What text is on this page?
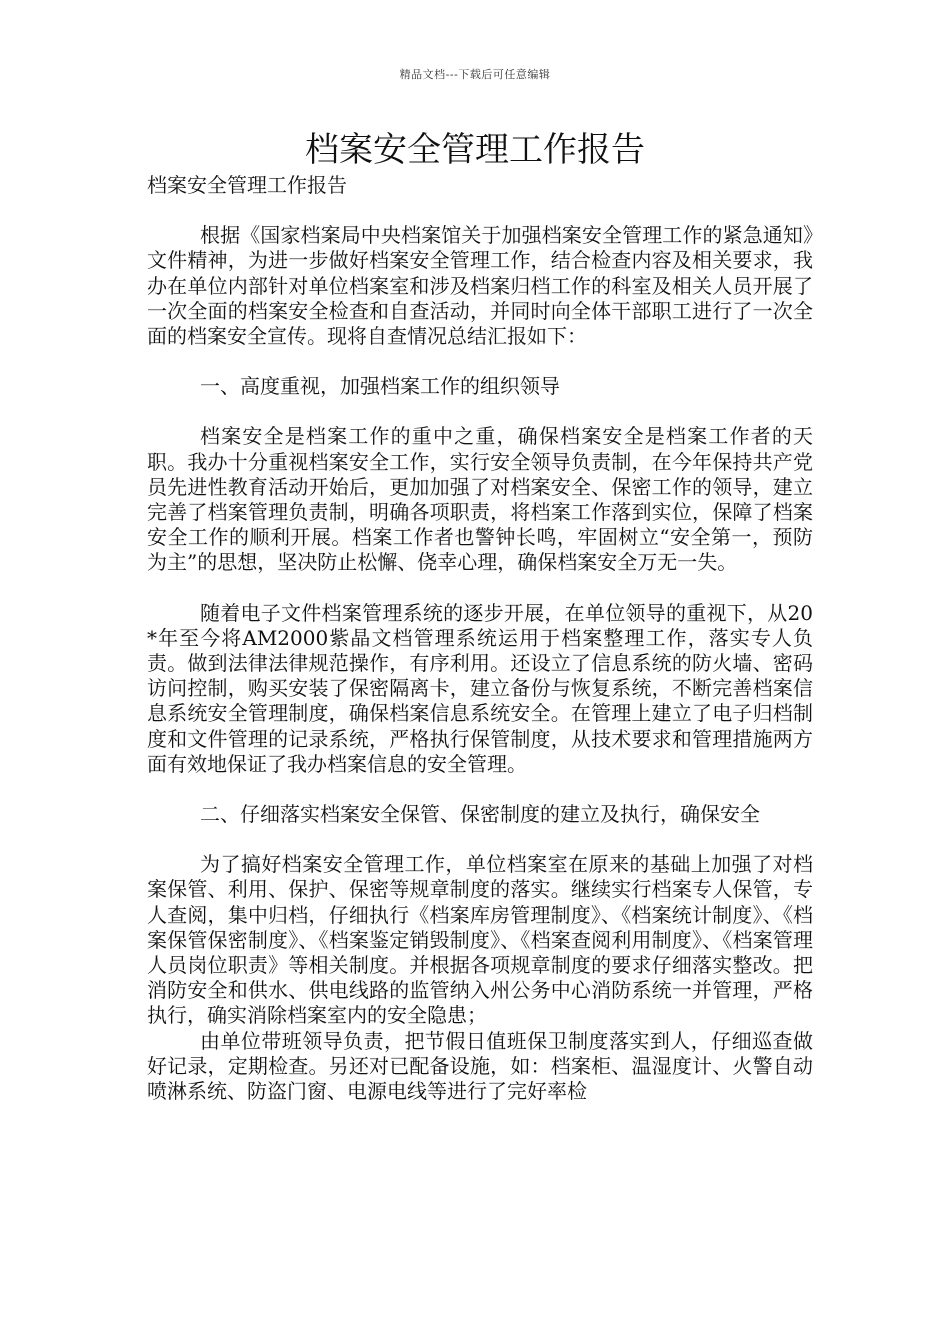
精品文档---下载后可任意编辑
档案安全管理工作报告

档案安全管理工作报告

根据《国家档案局中央档案馆关于加强档案安全管理工作的紧急通知》文件精神，为进一步做好档案安全管理工作，结合检查内容及相关要求，我办在单位内部针对单位档案室和涉及档案归档工作的科室及相关人员开展了一次全面的档案安全检查和自查活动，并同时向全体干部职工进行了一次全面的档案安全宣传。现将自查情况总结汇报如下：

一、高度重视，加强档案工作的组织领导

档案安全是档案工作的重中之重，确保档案安全是档案工作者的天职。我办十分重视档案安全工作，实行安全领导负责制，在今年保持共产党员先进性教育活动开始后，更加加强了对档案安全、保密工作的领导，建立完善了档案管理负责制，明确各项职责，将档案工作落到实位，保障了档案安全工作的顺利开展。档案工作者也警钟长鸣，牢固树立“安全第一，预防为主”的思想，坚决防止松懈、侥幸心理，确保档案安全万无一失。

随着电子文件档案管理系统的逐步开展，在单位领导的重视下，从20*年至今将AM2000紫晶文档管理系统运用于档案整理工作，落实专人负责。做到法律法律规范操作，有序利用。还设立了信息系统的防火墙、密码访问控制，购买安装了保密隔离卡，建立备份与恢复系统，不断完善档案信息系统安全管理制度，确保档案信息系统安全。在管理上建立了电子归档制度和文件管理的记录系统，严格执行保管制度，从技术要求和管理措施两方面有效地保证了我办档案信息的安全管理。

二、仔细落实档案安全保管、保密制度的建立及执行，确保安全

为了搞好档案安全管理工作，单位档案室在原来的基础上加强了对档案保管、利用、保护、保密等规章制度的落实。继续实行档案专人保管，专人查阅，集中归档，仔细执行《档案库房管理制度》、《档案统计制度》、《档案保管保密制度》、《档案鉴定销毁制度》、《档案查阅利用制度》、《档案管理人员岗位职责》等相关制度。并根据各项规章制度的要求仔细落实整改。把消防安全和供水、供电线路的监管纳入州公务中心消防系统一并管理，严格执行，确实消除档案室内的安全隐患；

由单位带班领导负责，把节假日值班保卫制度落实到人，仔细巡查做好记录，定期检查。另还对已配备设施，如：档案柜、温湿度计、火警自动喷淋系统、防盗门窗、电源电线等进行了完好率检
